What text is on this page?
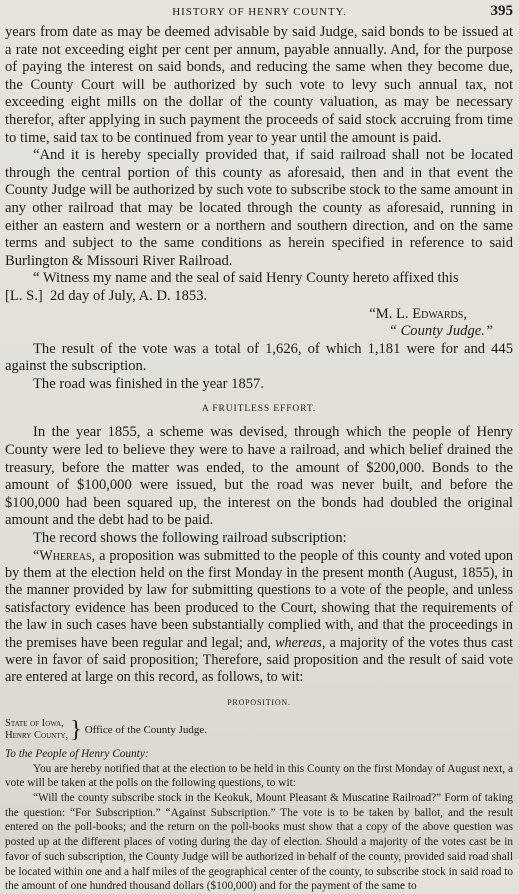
HISTORY OF HENRY COUNTY.	395

years from date as may be deemed advisable by said Judge, said bonds to be issued at a rate not exceeding eight per cent per annum, payable annually. And, for the purpose of paying the interest on said bonds, and reducing the same when they become due, the County Court will be authorized by such vote to levy such annual tax, not exceeding eight mills on the dollar of the county valuation, as may be necessary therefor, after applying in such payment the proceeds of said stock accruing from time to time, said tax to be continued from year to year until the amount is paid.

“And it is hereby specially provided that, if said railroad shall not be located through the central portion of this county as aforesaid, then and in that event the County Judge will be authorized by such vote to subscribe stock to the same amount in any other railroad that may be located through the county as aforesaid, running in either an eastern and western or a northern and southern direction, and on the same terms and subject to the same conditions as herein specified in reference to said Burlington & Missouri River Railroad.

“ Witness my name and the seal of said Henry County hereto affixed this

[L. S.] 2d day of July, A. D. 1853.

“M. L. Edwards,

“ County Judge.”

The result of the vote was a total of 1,626, of which 1,181 were for and 445 against the subscription.

The road was finished in the year 1857.

A FRUITLESS EFFORT.

In the year 1855, a scheme was devised, through which the people of Henry County were led to believe they were to have a railroad, and which belief drained the treasury, before the matter was ended, to the amount of $200,000. Bonds to the amount of $100,000 were issued, but the road was never built, and before the $100,000 had been squared up, the interest on the bonds had doubled the original amount and the debt had to be paid.

The record shows the following railroad subscription:

“Whereas, a proposition was submitted to the people of this county and voted upon by them at the election held on the first Monday in the present month (August, 1855), in the manner provided by law for submitting questions to a vote of the people, and unless satisfactory evidence has been produced to the Court, showing that the requirements of the law in such cases have been substantially complied with, and that the proceedings in the premises have been regular and legal; and, whereas, a majority of the votes thus cast were in favor of said proposition; Therefore, said proposition and the result of said vote are entered at large on this record, as follows, to wit:

PROPOSITION.

State of Iowa,
Henry County, } Office of the County Judge.

To the People of Henry County:

You are hereby notified that at the election to be held in this County on the first Monday of August next, a vote will be taken at the polls on the following questions, to wit:

“Will the county subscribe stock in the Keokuk, Mount Pleasant & Muscatine Railroad?” Form of taking the question: “For Subscription.” “Against Subscription.” The vote is to be taken by ballot, and the result entered on the poll-books; and the return on the poll-books must show that a copy of the above question was posted up at the different places of voting during the day of election. Should a majority of the votes cast be in favor of such subscription, the County Judge will be authorized in behalf of the county, provided said road shall be located within one and a half miles of the geographical center of the county, to subscribe stock in said road to the amount of one hundred thousand dollars ($100,000) and for the payment of the same to
